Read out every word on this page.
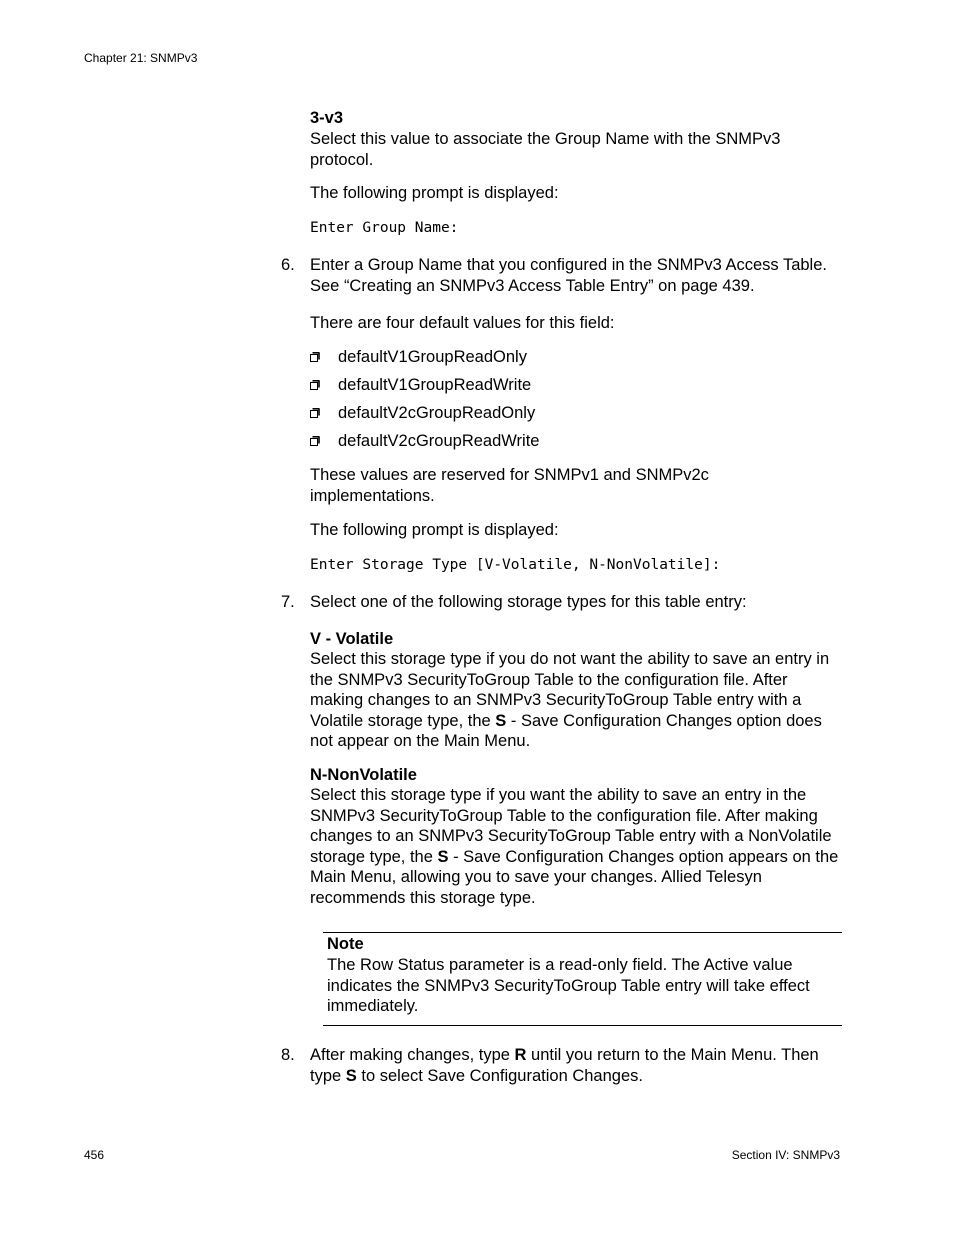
Chapter 21: SNMPv3

3-v3

Select this value to associate the Group Name with the SNMPv3 protocol.

The following prompt is displayed:

Enter Group Name:
6. Enter a Group Name that you configured in the SNMPv3 Access Table. See “Creating an SNMPv3 Access Table Entry” on page 439.

There are four default values for this field:

defaultV1GroupReadOnly
defaultV1GroupReadWrite
defaultV2cGroupReadOnly
defaultV2cGroupReadWrite

These values are reserved for SNMPv1 and SNMPv2c implementations.

The following prompt is displayed:

Enter Storage Type [V-Volatile, N-NonVolatile]:
7. Select one of the following storage types for this table entry:

V - Volatile

Select this storage type if you do not want the ability to save an entry in the SNMPv3 SecurityToGroup Table to the configuration file. After making changes to an SNMPv3 SecurityToGroup Table entry with a Volatile storage type, the S - Save Configuration Changes option does not appear on the Main Menu.

N-NonVolatile

Select this storage type if you want the ability to save an entry in the SNMPv3 SecurityToGroup Table to the configuration file. After making changes to an SNMPv3 SecurityToGroup Table entry with a NonVolatile storage type, the S - Save Configuration Changes option appears on the Main Menu, allowing you to save your changes. Allied Telesyn recommends this storage type.

Note

The Row Status parameter is a read-only field. The Active value indicates the SNMPv3 SecurityToGroup Table entry will take effect immediately.

8. After making changes, type R until you return to the Main Menu. Then type S to select Save Configuration Changes.

456	Section IV: SNMPv3
